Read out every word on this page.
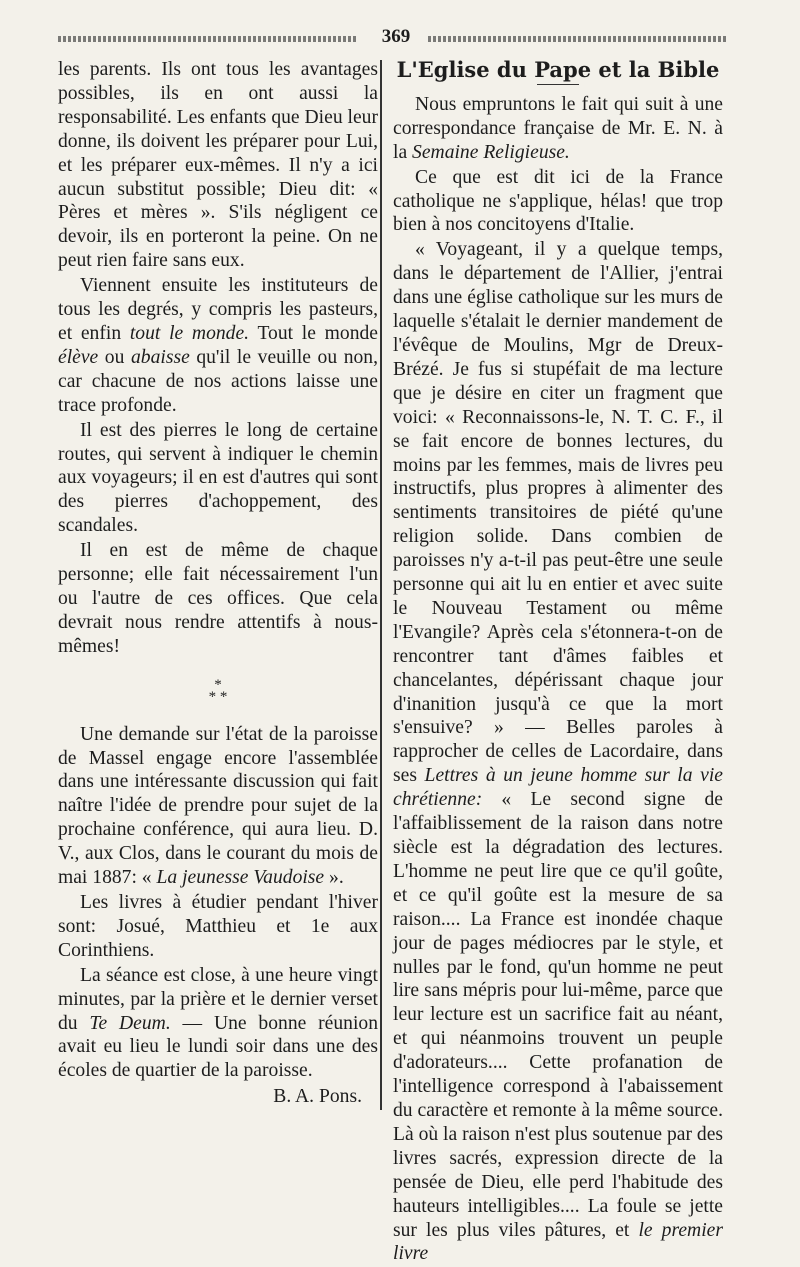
369

les parents. Ils ont tous les avantages possibles, ils en ont aussi la responsabilité. Les enfants que Dieu leur donne, ils doivent les préparer pour Lui, et les préparer eux-mêmes. Il n'y a ici aucun substitut possible; Dieu dit: « Pères et mères ». S'ils négligent ce devoir, ils en porteront la peine. On ne peut rien faire sans eux.

Viennent ensuite les instituteurs de tous les degrés, y compris les pasteurs, et enfin tout le monde. Tout le monde élève ou abaisse qu'il le veuille ou non, car chacune de nos actions laisse une trace profonde.

Il est des pierres le long de certaine routes, qui servent à indiquer le chemin aux voyageurs; il en est d'autres qui sont des pierres d'achoppement, des scandales.

Il en est de même de chaque personne; elle fait nécessairement l'un ou l'autre de ces offices. Que cela devrait nous rendre attentifs à nous-mêmes!

*
* *

Une demande sur l'état de la paroisse de Massel engage encore l'assemblée dans une intéressante discussion qui fait naître l'idée de prendre pour sujet de la prochaine conférence, qui aura lieu. D. V., aux Clos, dans le courant du mois de mai 1887: « La jeunesse Vaudoise ».

Les livres à étudier pendant l'hiver sont: Josué, Matthieu et 1e aux Corinthiens.

La séance est close, à une heure vingt minutes, par la prière et le dernier verset du Te Deum. — Une bonne réunion avait eu lieu le lundi soir dans une des écoles de quartier de la paroisse.

B. A. Pons.

L'Eglise du Pape et la Bible

Nous empruntons le fait qui suit à une correspondance française de Mr. E. N. à la Semaine Religieuse.

Ce que est dit ici de la France catholique ne s'applique, hélas! que trop bien à nos concitoyens d'Italie.

« Voyageant, il y a quelque temps, dans le département de l'Allier, j'entrai dans une église catholique sur les murs de laquelle s'étalait le dernier mandement de l'évêque de Moulins, Mgr de Dreux-Brézé. Je fus si stupéfait de ma lecture que je désire en citer un fragment que voici: « Reconnaissons-le, N. T. C. F., il se fait encore de bonnes lectures, du moins par les femmes, mais de livres peu instructifs, plus propres à alimenter des sentiments transitoires de piété qu'une religion solide. Dans combien de paroisses n'y a-t-il pas peut-être une seule personne qui ait lu en entier et avec suite le Nouveau Testament ou même l'Evangile? Après cela s'étonnera-t-on de rencontrer tant d'âmes faibles et chancelantes, dépérissant chaque jour d'inanition jusqu'à ce que la mort s'ensuive? » — Belles paroles à rapprocher de celles de Lacordaire, dans ses Lettres à un jeune homme sur la vie chrétienne: « Le second signe de l'affaiblissement de la raison dans notre siècle est la dégradation des lectures. L'homme ne peut lire que ce qu'il goûte, et ce qu'il goûte est la mesure de sa raison.... La France est inondée chaque jour de pages médiocres par le style, et nulles par le fond, qu'un homme ne peut lire sans mépris pour lui-même, parce que leur lecture est un sacrifice fait au néant, et qui néanmoins trouvent un peuple d'adorateurs.... Cette profanation de l'intelligence correspond à l'abaissement du caractère et remonte à la même source. Là où la raison n'est plus soutenue par des livres sacrés, expression directe de la pensée de Dieu, elle perd l'habitude des hauteurs intelligibles.... La foule se jette sur les plus viles pâtures, et le premier livre
